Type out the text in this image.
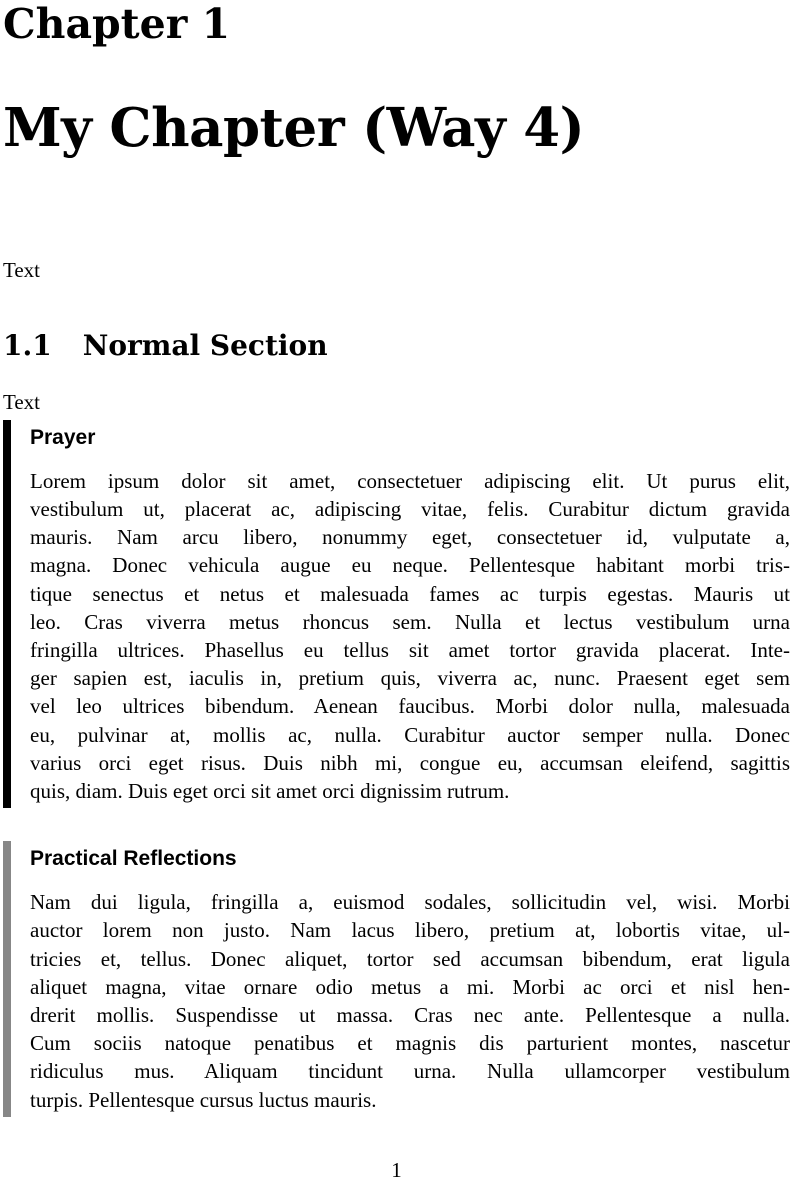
Chapter 1
My Chapter (Way 4)

Text

1.1 Normal Section

Text

Prayer
Lorem ipsum dolor sit amet, consectetuer adipiscing elit. Ut purus elit,
vestibulum ut, placerat ac, adipiscing vitae, felis. Curabitur dictum gravida
mauris. Nam arcu libero, nonummy eget, consectetuer id, vulputate a,
magna. Donec vehicula augue eu neque. Pellentesque habitant morbi tris-
tique senectus et netus et malesuada fames ac turpis egestas. Mauris ut
leo. Cras viverra metus rhoncus sem. Nulla et lectus vestibulum urna
fringilla ultrices. Phasellus eu tellus sit amet tortor gravida placerat. Inte-
ger sapien est, iaculis in, pretium quis, viverra ac, nunc. Praesent eget sem
vel leo ultrices bibendum. Aenean faucibus. Morbi dolor nulla, malesuada
eu, pulvinar at, mollis ac, nulla. Curabitur auctor semper nulla. Donec
varius orci eget risus. Duis nibh mi, congue eu, accumsan eleifend, sagittis
quis, diam. Duis eget orci sit amet orci dignissim rutrum.
Practical Reflections
Nam dui ligula, fringilla a, euismod sodales, sollicitudin vel, wisi. Morbi
auctor lorem non justo. Nam lacus libero, pretium at, lobortis vitae, ul-
tricies et, tellus. Donec aliquet, tortor sed accumsan bibendum, erat ligula
aliquet magna, vitae ornare odio metus a mi. Morbi ac orci et nisl hen-
drerit mollis. Suspendisse ut massa. Cras nec ante. Pellentesque a nulla.
Cum sociis natoque penatibus et magnis dis parturient montes, nascetur
ridiculus mus. Aliquam tincidunt urna. Nulla ullamcorper vestibulum
turpis. Pellentesque cursus luctus mauris.
1
